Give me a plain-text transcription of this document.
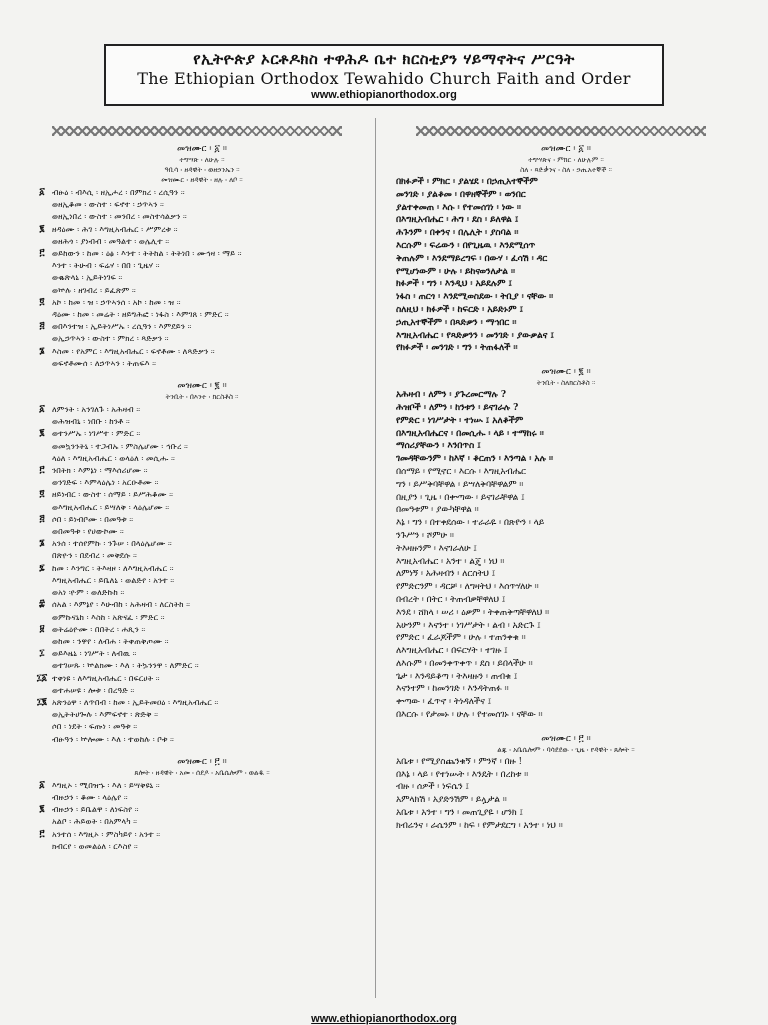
የኢትዮጵያ ኦርቶዶክስ ተዋሕዶ ቤተ ክርስቲያን ሃይማኖትና ሥርዓት
The Ethiopian Orthodox Tewahido Church Faith and Order
www.ethiopianorthodox.org
መዝሙር ፡ ፩ ።
ተግሣጽ ፡ ለሁሉ ።
ዓቢሳ ፡ ዘዳዊት ፡ ወዘኃንኤን ።
መዝሙር ፡ ዘዳዊት ፡ ዘሉ ፡ ለቦ ።
፩ ብፁዕ ፡ ብእሲ ፡ ዘኢሖረ ፡ በምክረ ፡ ረሲዓን ።
ወዘኢቆመ ፡ ውስተ ፡ ፍኖተ ፡ ኃጥኣን ።
ወዘኢነበረ ፡ ውስተ ፡ መንበረ ፡ መስተሳልቃን ።
፪ ዘዳዕሙ ፡ ሕገ ፡ እግዚአብሔር ፡ ሥምረቱ ።
ወዘሕጎ ፡ ያነብብ ፡ መዓልተ ፡ ወሌሊተ ።
፫ ወይከውን ፡ ከመ ፡ ዕፅ ፡ እንተ ፡ ትትከል ፡ ትትነበ ፡ ሙኅዛ ፡ ማይ ።
እንተ ፡ ትሁብ ፡ ፍሬሃ ፡ በበ ፡ ጊዜሃ ።
ወቈጽላኒ ፡ ኢይትነገፍ ።
ወኵሉ ፡ ዘገብረ ፡ ይፈጽም ።
፬ አኮ ፡ ከመ ፡ ዝ ፡ ኃጥኣንሰ ፡ አኮ ፡ ከመ ፡ ዝ ።
ዳዕሙ ፡ ከመ ፡ መሬት ፡ ዘይግሕፎ ፡ ነፋስ ፡ እምገጸ ፡ ምድር ።
፭ ወበእንተዝ ፡ ኢይትነሥኡ ፡ ረሲዓን ፡ እምደይን ።
ወኢኃጥኣን ፡ ውስተ ፡ ምክረ ፡ ጻድቃን ።
፮ እስመ ፡ የአምር ፡ እግዚአብሔር ፡ ፍኖቶሙ ፡ ለጻድቃን ።
ወፍኖቶሙሰ ፡ ለኃጥኣን ፡ ትጠፍእ ።
መዝሙር ፡ ፪ ።
ትንቢት ፡ በእንተ ፡ ክርስቶስ ።
፩ ለምንት ፡ አንገለጉ ፡ አሕዛብ ።
ወሕዝብኒ ፡ ነበቡ ፡ ከንቶ ።
፪ ወተንሥኡ ፡ ነገሥተ ፡ ምድር ።
ወመኳንንትኒ ፡ ተጋብኡ ፡ ምስሌሆሙ ፡ ኅቡረ ።
ላዕለ ፡ እግዚአብሔር ፡ ወላዕለ ፡ መሲሑ ።
፫ ንበትክ ፡ እምኔነ ፡ ማእሰሪሆሙ ።
ወንገድፍ ፡ እምላዕሌነ ፡ አርዑቶሙ ።
፬ ዘይነብር ፡ ውስተ ፡ ሰማይ ፡ ይሥሕቆሙ ።
ወእግዚአብሔር ፡ ይሣለቅ ፡ ላዕሌሆሙ ።
፭ ሶበ ፡ ይነብቦሙ ፡ በመዓቱ ።
ወበመዓቱ ፡ የሀውኮሙ ።
፮ አንሰ ፡ ተሰየምኩ ፡ ንጉሠ ፡ በላዕሌሆሙ ።
በጽዮን ፡ በደብረ ፡ መቅደሱ ።
፯ ከመ ፡ እንግር ፡ ትእዛዞ ፡ ለእግዚአብሔር ።
እግዚአብሔር ፡ ይቤለኒ ፡ ወልድየ ፡ አንተ ።
ወአነ ፡ዮም ፡ ወለድኩከ ።
፰ ሰአል ፡ እምኔየ ፡ እሁብከ ፡ አሕዛብ ፡ ለርስትከ ።
ወምኩናኒከ ፡ እስከ ፡ አጽናፈ ፡ ምድር ።
፱ ወትሬዕዮሙ ፡ በበትረ ፡ ሐጺን ።
ወከመ ፡ ንዋየ ፡ ለብሐ ፡ ትቀጠቅጦሙ ።
፲ ወይእዜኒ ፡ ነገሥት ፡ ለብዉ ።
ወተገሠጹ ፡ ኵልክሙ ፡ እለ ፡ ትኴንንዋ ፡ ለምድር ።
፲፩ ተቀነዩ ፡ ለእግዚአብሔር ፡ በፍርሀት ።
ወተሐሠዩ ፡ ሎቱ ፡ በረዓድ ።
፲፪ አጽንዕዋ ፡ ለጥበብ ፡ ከመ ፡ ኢይትመዐዕ ፡ እግዚአብሔር ።
ወኢትትሀጐሉ ፡ እምፍኖተ ፡ ጽድቅ ።
ሶበ ፡ ነደት ፡ ፍጡነ ፡ መዓቱ ።
ብፁዓን ፡ ኵሎሙ ፡ እለ ፡ ተወከሉ ፡ ቦቱ ።
መዝሙር ፡ ፫ ።
ጸሎት ፡ ዘዳዊት ፡ አመ ፡ ሰደዶ ፡ አቤሴሎም ፡ ወልዱ ።
፩ እግዚኦ ፡ ሚበዝኁ ፡ እለ ፡ ይሣቅዩኒ ።
ብዙኃን ፡ ቆሙ ፡ ላዕሌየ ።
፪ ብዙኃን ፡ ይቤልዋ ፡ ለነፍስየ ።
አልቦ ፡ ሕይወት ፡ በአምላካ ።
፫ አንተሰ ፡ እግዚኦ ፡ ምስካይየ ፡ አንተ ።
ክብርየ ፡ ወመልዕለ ፡ ርእስየ ።
መዝሙር ፡ ፩ ።
ተግሣጽና ፡ ምክር ፡ ለሁሉም ።
ስለ ፡ ጻድቃንና ፡ ስለ ፡ ኃጢአተኞች ።
በክፉዎች ፡ ምክር ፡ ያልሄደ ፡ በኃጢአተኞችም
መንገድ ፡ ያልቆመ ፡ በዋዘኞችም ፡ ወንበር
ያልተቀመጠ ፡ እሱ ፡ የተመሰገነ ፡ ነው ።
በእግዚአብሔር ፡ ሕግ ፡ ደስ ፡ ይለዋል ፤
ሕጉንም ፡ በቀንና ፡ በሌሊት ፡ ያስባል ።
እርሱም ፡ ፍሬውን ፡ በየጊዜዉ ፡ እንደሚሰጥ
ቅጠሉም ፡ እንደማይረግፍ ፡ በውሃ ፡ ፈሳሽ ፡ ዳር
የሚሆነውም ፡ ሁሉ ፡ ይከናወንለታል ።
ክፉዎች ፡ ግን ፡ እንዲህ ፡ አይደሉም ፤
ነፋስ ፡ ጠርጎ ፡ እንደሚወስደው ፡ ትቢያ ፡ ናቸው ።
ስለዚህ ፡ ክፉዎች ፡ ከፍርድ ፡ አይድኑም ፤
ኃጢአተኞችም ፡ በጻድቃን ፡ ማኅበር ።
እግዚአብሔር ፡ የጻድቃንን ፡ መንገድ ፡ ያውቃልና ፤
የክፉዎች ፡ መንገድ ፡ ግን ፡ ትጠፋለች ።
መዝሙር ፡ ፪ ።
ትንቢት ፡ ስለክርስቶስ ።
አሕዛብ ፡ ለምን ፡ ያጉረመርማሉ ?
ሕዝቦች ፡ ለምን ፡ ከንቱን ፡ ይናገራሉ ?
የምድር ፡ ነገሥታት ፡ ተነሡ ፤ አለቆችም
በእግዚአብሔርና ፡ በመሲሑ ፡ ላይ ፡ ተማከሩ ።
ማሰሪያቸውን ፡ እንበጥስ ፤
ገመዳቸውንም ፡ ከእኛ ፡ ቆርጠን ፡ እንጣል ፡ አሉ ።
በሰማይ ፡ የሚኖር ፡ እርሱ ፡ እግዚአብሔር
ግን ፡ ይሥቅባቸዋል ፡ ይሣለቅባቸዋልም ።
በዚያን ፡ ጊዜ ፡ በቍጣው ፡ ይናገራቸዋል ፤
በመዓቱም ፡ ያውካቸዋል ።
እኔ ፡ ግን ፡ በተቀደሰው ፡ ተራራዬ ፡ በጽዮን ፡ ላይ
ንጉሥን ፡ ሾምሁ ።
ትእዛዙንም ፡ እናገራለሁ ፤
እግዚአብሔር ፡ አንተ ፡ ልጄ ፡ ነህ ።
ለምነኝ ፡ አሕዛብን ፡ ለርስትህ ፤
የምድርንም ፡ ዳርቻ ፡ ለግዛትህ ፡ እሰጥሃለሁ ።
በብረት ፡ በትር ፡ ትጠብቃቸዋለህ ፤
እንደ ፡ ሸክላ ፡ ሠሪ ፡ ዕቃም ፡ ትቀጠቅጣቸዋለህ ።
አሁንም ፡ እናንተ ፡ ነገሥታት ፡ ልብ ፡ አድርጉ ፤
የምድር ፡ ፈራጆችም ፡ ሁሉ ፡ ተጠንቀቁ ።
ለእግዚአብሔር ፡ በፍርሃት ፡ ተገዙ ፤
ለእሱም ፡ በመንቀጥቀጥ ፡ ደስ ፡ ይበላችሁ ።
ጌታ ፡ እንዳይቆጣ ፡ ትእዛዙን ፡ ጠብቁ ፤
እናንተም ፡ ከመንገድ ፡ እንዳትጠፉ ።
ቍጣው ፡ ፈጥኖ ፡ ትነዳለችና ፤
በእርሱ ፡ የታመኑ ፡ ሁሉ ፡ የተመሰገኑ ፡ ናቸው ።
መዝሙር ፡ ፫ ።
ልጁ ፡ አቤሴሎም ፡ ባሳደደው ፡ ጊዜ ፡ የዳዊት ፡ ጸሎት ።
አቤቱ ፡ የሚያስጨንቁኝ ፡ ምንኛ ፡ በዙ !
በእኔ ፡ ላይ ፡ የተነሡት ፡ እንዴት ፡ በረከቱ ።
ብዙ ፡ ሰዎች ፡ ነፍሴን ፤
አምላክሽ ፡ አያድንሽም ፡ ይሏታል ።
አቤቱ ፡ አንተ ፡ ግን ፡ መጠጊያዬ ፡ ሆንክ ፤
ክብሬንና ፡ ራሴንም ፡ ከፍ ፡ የምታደርግ ፡ አንተ ፡ ነህ ።
www.ethiopianorthodox.org
